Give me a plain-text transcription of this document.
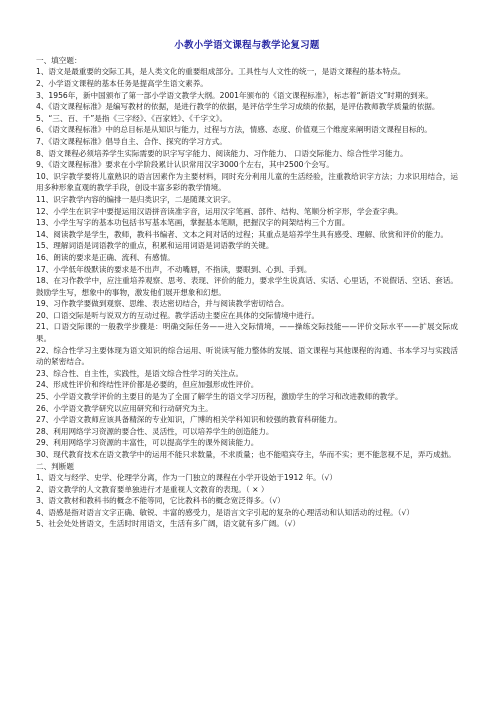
小教小学语文课程与教学论复习题
一、填空题：
1、语文是最重要的交际工具，是人类文化的重要组成部分。工具性与人文性的统一，是语文课程的基本特点。
2、小学语文课程的基本任务是提高学生语文素养。
3、1956年，新中国颁布了第一部小学语文教学大纲。2001年颁布的《语文课程标准》，标志着“新语文”时期的到来。
4、《语文课程标准》是编写教材的依据，是进行教学的依据，是评估学生学习成绩的依据，是评估教师教学质量的依据。
5、“三、百、千”是指《三字经》、《百家姓》、《千字文》。
6、《语文课程标准》中的总目标是从知识与能力，过程与方法，情感、态度、价值观三个维度来阐明语文课程目标的。
7、《语文课程标准》倡导自主、合作、探究的学习方式。
8、语文课程必须培养学生实际需要的识字写字能力、阅读能力、习作能力、 口语交际能力、综合性学习能力。
9、《语文课程标准》要求在小学阶段累计认识常用汉字3000个左右，其中2500个会写。
10、识字教学要将儿童熟识的语言因素作为主要材料，同时充分利用儿童的生活经验，注重教给识字方法；力求识用结合，运用多种形象直观的教学手段，创设丰富多彩的教学情境。
11、识字教学内容的编排一是归类识字，二是随课文识字。
12、小学生在识字中要提运用汉语拼音读准字音，运用汉字笔画、部件、结构、笔顺分析字形，学会查字典。
13、小学生写字的基本功包括书写基本笔画，掌握基本笔顺，把握汉字的间架结构三个方面。
14、阅读教学是学生，教师，教科书编者、文本之间对话的过程；其重点是培养学生具有感受、理解、欣赏和评价的能力。
15、理解词语是词语教学的重点，积累和运用词语是词语教学的关键。
16、朗读的要求是正确、流利、有感情。
17、小学低年级默读的要求是不出声，不动嘴唇，不指读，要眼到、心到、手到。
18、在习作教学中，应注重培养观察、思考、表现、评价的能力，要求学生说真话、实话、心里话，不说假话、空话、套话。鼓励学生写，想象中的事物，激发他们展开想象和幻想。
19、习作教学要做到观察、思维、表达密切结合，并与阅读教学密切结合。
20、口语交际是听与说双方的互动过程。教学活动主要应在具体的交际情境中进行。
21、口语交际课的一般教学步骤是：明确交际任务——进入交际情境，——操练交际技能——评价交际水平——扩展交际成果。
22、综合性学习主要体现为语文知识的综合运用、听说读写能力整体的发展、语文课程与其他课程的沟通、书本学习与实践活动的紧密结合。
23、综合性、自主性，实践性，是语文综合性学习的关注点。
24、形成性评价和终结性评价都是必要的，但应加强形成性评价。
25、小学语文教学评价的主要目的是为了全面了解学生的语文学习历程，激励学生的学习和改进教师的教学。
26、小学语文教学研究以应用研究和行动研究为主。
27、小学语文教师应该具备精深的专业知识，广博的相关学科知识和较强的教育科研能力。
28、利用网络学习资源的要合性、灵活性，可以培养学生的创造能力。
29、利用网络学习资源的丰富性，可以提高学生的课外阅读能力。
30、现代教育技术在语文教学中的运用不能只求数量，不求质量；也不能喧宾夺主，华而不实；更不能忽视不足，弄巧成拙。
二、判断题
1、语文与经学、史学、伦理学分离，作为一门独立的课程在小学开设始于1912 年。（√）
2、语文教学的人文教育要单独进行才是重视人文教育的表现。（ × ）
3、语文教材和教科书的概念不能等同，它比教科书的概念宽泛得多。（√）
4、语感是指对语言文字正确、敏锐、丰富的感受力，是语言文字引起的复杂的心理活动和认知活动的过程。（√）
5、社会处处皆语文，生活时时用语文，生活有多广阔，语文就有多广阔。（√）
